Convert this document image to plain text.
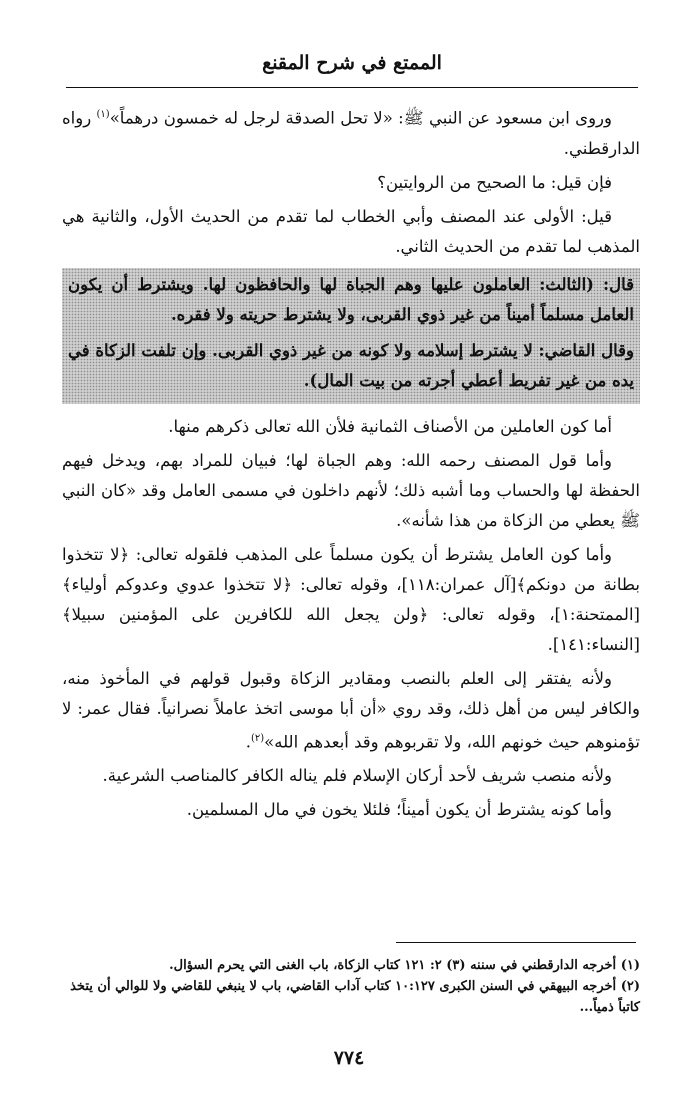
الممتع في شرح المقنع

وروى ابن مسعود عن النبي ﷺ: «لا تحل الصدقة لرجل له خمسون درهماً»$^{(١)}$ رواه الدارقطني.

فإن قيل: ما الصحيح من الروايتين؟

قيل: الأولى عند المصنف وأبي الخطاب لما تقدم من الحديث الأول، والثانية هي المذهب لما تقدم من الحديث الثاني.

قال: (الثالث: العاملون عليها وهم الجباة لها والحافظون لها. ويشترط أن يكون العامل مسلماً أميناً من غير ذوي القربى، ولا يشترط حريته ولا فقره.

وقال القاضي: لا يشترط إسلامه ولا كونه من غير ذوي القربى. وإن تلفت الزكاة في يده من غير تفريط أعطي أجرته من بيت المال).

أما كون العاملين من الأصناف الثمانية فلأن الله تعالى ذكرهم منها.

وأما قول المصنف رحمه الله: وهم الجباة لها؛ فبيان للمراد بهم، ويدخل فيهم الحفظة لها والحساب وما أشبه ذلك؛ لأنهم داخلون في مسمى العامل وقد «كان النبي ﷺ يعطي من الزكاة من هذا شأنه».

وأما كون العامل يشترط أن يكون مسلماً على المذهب فلقوله تعالى: ﴿لا تتخذوا بطانة من دونكم﴾[آل عمران:١١٨]، وقوله تعالى: ﴿لا تتخذوا عدوي وعدوكم أولياء﴾[الممتحنة:١]، وقوله تعالى: ﴿ولن يجعل الله للكافرين على المؤمنين سبيلا﴾[النساء:١٤١].

ولأنه يفتقر إلى العلم بالنصب ومقادير الزكاة وقبول قولهم في المأخوذ منه، والكافر ليس من أهل ذلك، وقد روي «أن أبا موسى اتخذ عاملاً نصرانياً. فقال عمر: لا تؤمنوهم حيث خونهم الله، ولا تقربوهم وقد أبعدهم الله»$^{(٢)}$.

ولأنه منصب شريف لأحد أركان الإسلام فلم يناله الكافر كالمناصب الشرعية.

وأما كونه يشترط أن يكون أميناً؛ فلئلا يخون في مال المسلمين.

(١) أخرجه الدارقطني في سننه (٣) ٢: ١٢١ كتاب الزكاة، باب الغنى التي يحرم السؤال.

(٢) أخرجه البيهقي في السنن الكبرى ١٠:١٢٧ كتاب آداب القاضي، باب لا ينبغي للقاضي ولا للوالي أن يتخذ كاتباً ذمياً...

٧٧٤
